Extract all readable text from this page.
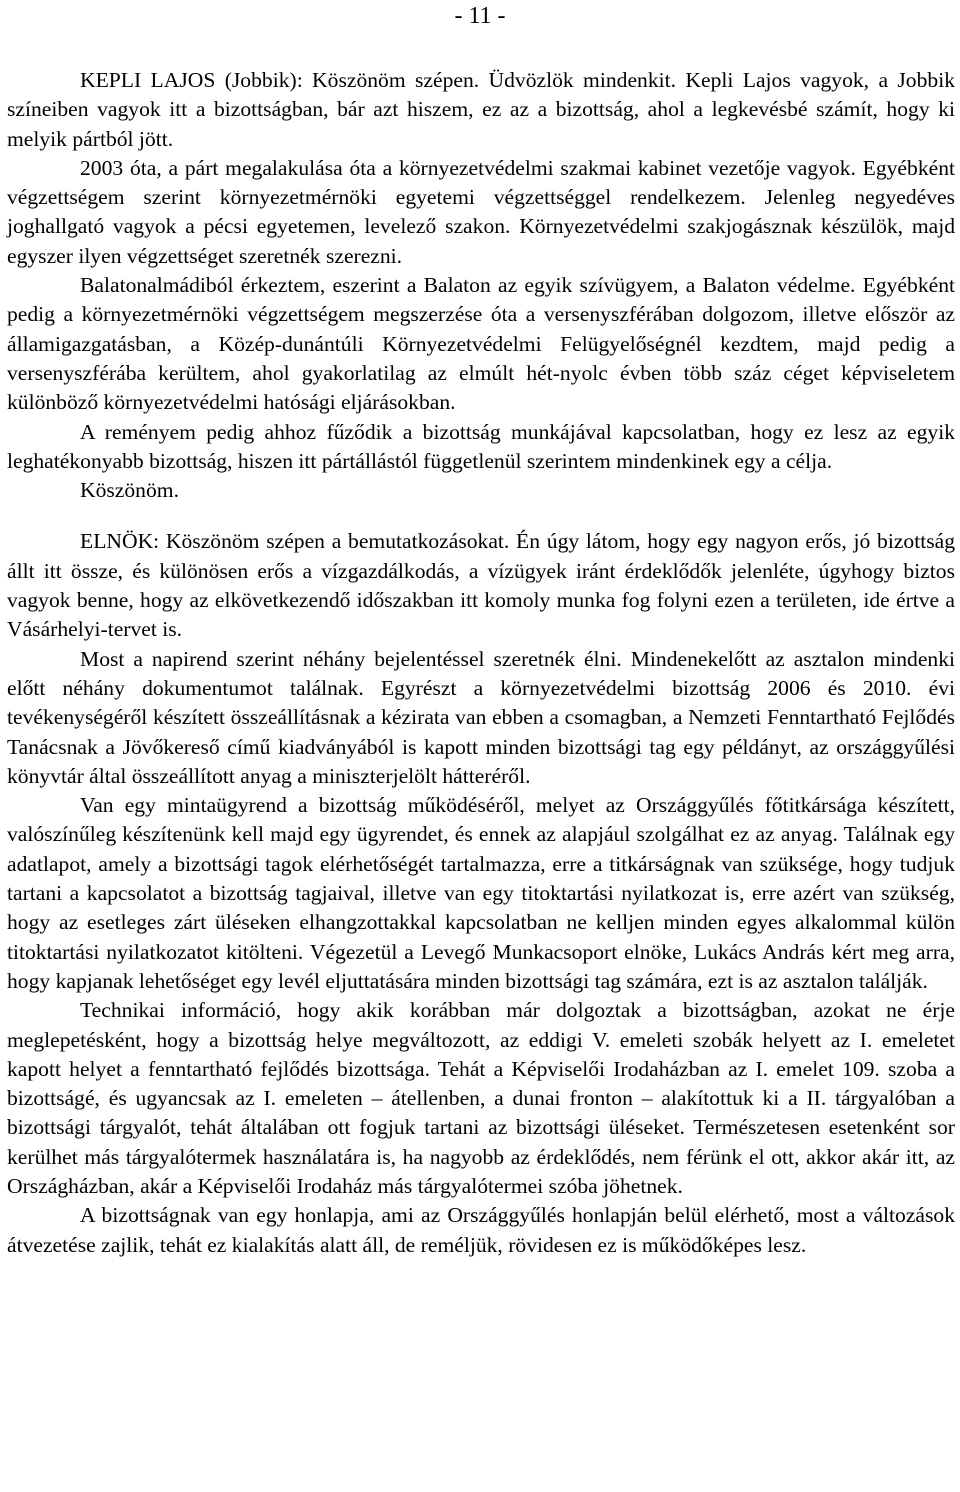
- 11 -

KEPLI LAJOS (Jobbik): Köszönöm szépen. Üdvözlök mindenkit. Kepli Lajos vagyok, a Jobbik színeiben vagyok itt a bizottságban, bár azt hiszem, ez az a bizottság, ahol a legkevésbé számít, hogy ki melyik pártból jött.

2003 óta, a párt megalakulása óta a környezetvédelmi szakmai kabinet vezetője vagyok. Egyébként végzettségem szerint környezetmérnöki egyetemi végzettséggel rendelkezem. Jelenleg negyedéves joghallgató vagyok a pécsi egyetemen, levelező szakon. Környezetvédelmi szakjogásznak készülök, majd egyszer ilyen végzettséget szeretnék szerezni.

Balatonalmádiból érkeztem, eszerint a Balaton az egyik szívügyem, a Balaton védelme. Egyébként pedig a környezetmérnöki végzettségem megszerzése óta a versenyszférában dolgozom, illetve először az államigazgatásban, a Közép-dunántúli Környezetvédelmi Felügyelőségnél kezdtem, majd pedig a versenyszférába kerültem, ahol gyakorlatilag az elmúlt hét-nyolc évben több száz céget képviseletem különböző környezetvédelmi hatósági eljárásokban.

A reményem pedig ahhoz fűződik a bizottság munkájával kapcsolatban, hogy ez lesz az egyik leghatékonyabb bizottság, hiszen itt pártállástól függetlenül szerintem mindenkinek egy a célja.

Köszönöm.

ELNÖK: Köszönöm szépen a bemutatkozásokat. Én úgy látom, hogy egy nagyon erős, jó bizottság állt itt össze, és különösen erős a vízgazdálkodás, a vízügyek iránt érdeklődők jelenléte, úgyhogy biztos vagyok benne, hogy az elkövetkezendő időszakban itt komoly munka fog folyni ezen a területen, ide értve a Vásárhelyi-tervet is.

Most a napirend szerint néhány bejelentéssel szeretnék élni. Mindenekelőtt az asztalon mindenki előtt néhány dokumentumot találnak. Egyrészt a környezetvédelmi bizottság 2006 és 2010. évi tevékenységéről készített összeállításnak a kézirata van ebben a csomagban, a Nemzeti Fenntartható Fejlődés Tanácsnak a Jövőkereső című kiadványából is kapott minden bizottsági tag egy példányt, az országgyűlési könyvtár által összeállított anyag a miniszterjelölt hátteréről.

Van egy mintaügyrend a bizottság működéséről, melyet az Országgyűlés főtitkársága készített, valószínűleg készítenünk kell majd egy ügyrendet, és ennek az alapjául szolgálhat ez az anyag. Találnak egy adatlapot, amely a bizottsági tagok elérhetőségét tartalmazza, erre a titkárságnak van szüksége, hogy tudjuk tartani a kapcsolatot a bizottság tagjaival, illetve van egy titoktartási nyilatkozat is, erre azért van szükség, hogy az esetleges zárt üléseken elhangzottakkal kapcsolatban ne kelljen minden egyes alkalommal külön titoktartási nyilatkozatot kitölteni. Végezetül a Levegő Munkacsoport elnöke, Lukács András kért meg arra, hogy kapjanak lehetőséget egy levél eljuttatására minden bizottsági tag számára, ezt is az asztalon találják.

Technikai információ, hogy akik korábban már dolgoztak a bizottságban, azokat ne érje meglepetésként, hogy a bizottság helye megváltozott, az eddigi V. emeleti szobák helyett az I. emeletet kapott helyet a fenntartható fejlődés bizottsága. Tehát a Képviselői Irodaházban az I. emelet 109. szoba a bizottságé, és ugyancsak az I. emeleten – átellenben, a dunai fronton – alakítottuk ki a II. tárgyalóban a bizottsági tárgyalót, tehát általában ott fogjuk tartani az bizottsági üléseket. Természetesen esetenként sor kerülhet más tárgyalótermek használatára is, ha nagyobb az érdeklődés, nem férünk el ott, akkor akár itt, az Országházban, akár a Képviselői Irodaház más tárgyalótermei szóba jöhetnek.

A bizottságnak van egy honlapja, ami az Országgyűlés honlapján belül elérhető, most a változások átvezetése zajlik, tehát ez kialakítás alatt áll, de reméljük, rövidesen ez is működőképes lesz.
